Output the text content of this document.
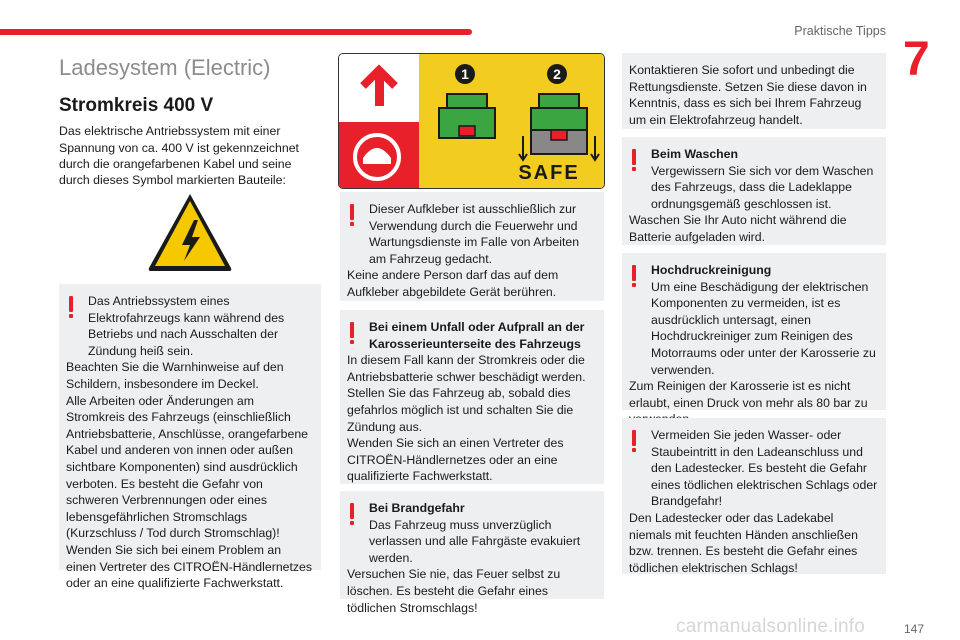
Praktische Tipps
7
Ladesystem (Electric)
Stromkreis 400 V
Das elektrische Antriebssystem mit einer Spannung von ca. 400 V ist gekennzeichnet durch die orangefarbenen Kabel und seine durch dieses Symbol markierten Bauteile:
Das Antriebssystem eines Elektrofahrzeugs kann während des Betriebs und nach Ausschalten der Zündung heiß sein.
Beachten Sie die Warnhinweise auf den Schildern, insbesondere im Deckel.
Alle Arbeiten oder Änderungen am Stromkreis des Fahrzeugs (einschließlich Antriebsbatterie, Anschlüsse, orangefarbene Kabel und anderen von innen oder außen sichtbare Komponenten) sind ausdrücklich verboten. Es besteht die Gefahr von schweren Verbrennungen oder eines lebensgefährlichen Stromschlags (Kurzschluss / Tod durch Stromschlag)!
Wenden Sie sich bei einem Problem an einen Vertreter des CITROËN-Händlernetzes oder an eine qualifizierte Fachwerkstatt.
1	2
SAFE
Dieser Aufkleber ist ausschließlich zur Verwendung durch die Feuerwehr und Wartungsdienste im Falle von Arbeiten am Fahrzeug gedacht.
Keine andere Person darf das auf dem Aufkleber abgebildete Gerät berühren.
Bei einem Unfall oder Aufprall an der Karosserieunterseite des Fahrzeugs
In diesem Fall kann der Stromkreis oder die Antriebsbatterie schwer beschädigt werden.
Stellen Sie das Fahrzeug ab, sobald dies gefahrlos möglich ist und schalten Sie die Zündung aus.
Wenden Sie sich an einen Vertreter des CITROËN-Händlernetzes oder an eine qualifizierte Fachwerkstatt.
Bei Brandgefahr
Das Fahrzeug muss unverzüglich verlassen und alle Fahrgäste evakuiert werden.
Versuchen Sie nie, das Feuer selbst zu löschen. Es besteht die Gefahr eines tödlichen Stromschlags!
Kontaktieren Sie sofort und unbedingt die Rettungsdienste. Setzen Sie diese davon in Kenntnis, dass es sich bei Ihrem Fahrzeug um ein Elektrofahrzeug handelt.
Beim Waschen
Vergewissern Sie sich vor dem Waschen des Fahrzeugs, dass die Ladeklappe ordnungsgemäß geschlossen ist.
Waschen Sie Ihr Auto nicht während die Batterie aufgeladen wird.
Hochdruckreinigung
Um eine Beschädigung der elektrischen Komponenten zu vermeiden, ist es ausdrücklich untersagt, einen Hochdruckreiniger zum Reinigen des Motorraums oder unter der Karosserie zu verwenden.
Zum Reinigen der Karosserie ist es nicht erlaubt, einen Druck von mehr als 80 bar zu
Vermeiden Sie jeden Wasser- oder Staubeintritt in den Ladeanschluss und den Ladestecker. Es besteht die Gefahr eines tödlichen elektrischen Schlags oder Brandgefahr!
Den Ladestecker oder das Ladekabel niemals mit feuchten Händen anschließen bzw. trennen. Es besteht die Gefahr eines tödlichen elektrischen Schlags!
carmanualsonline.info	147
